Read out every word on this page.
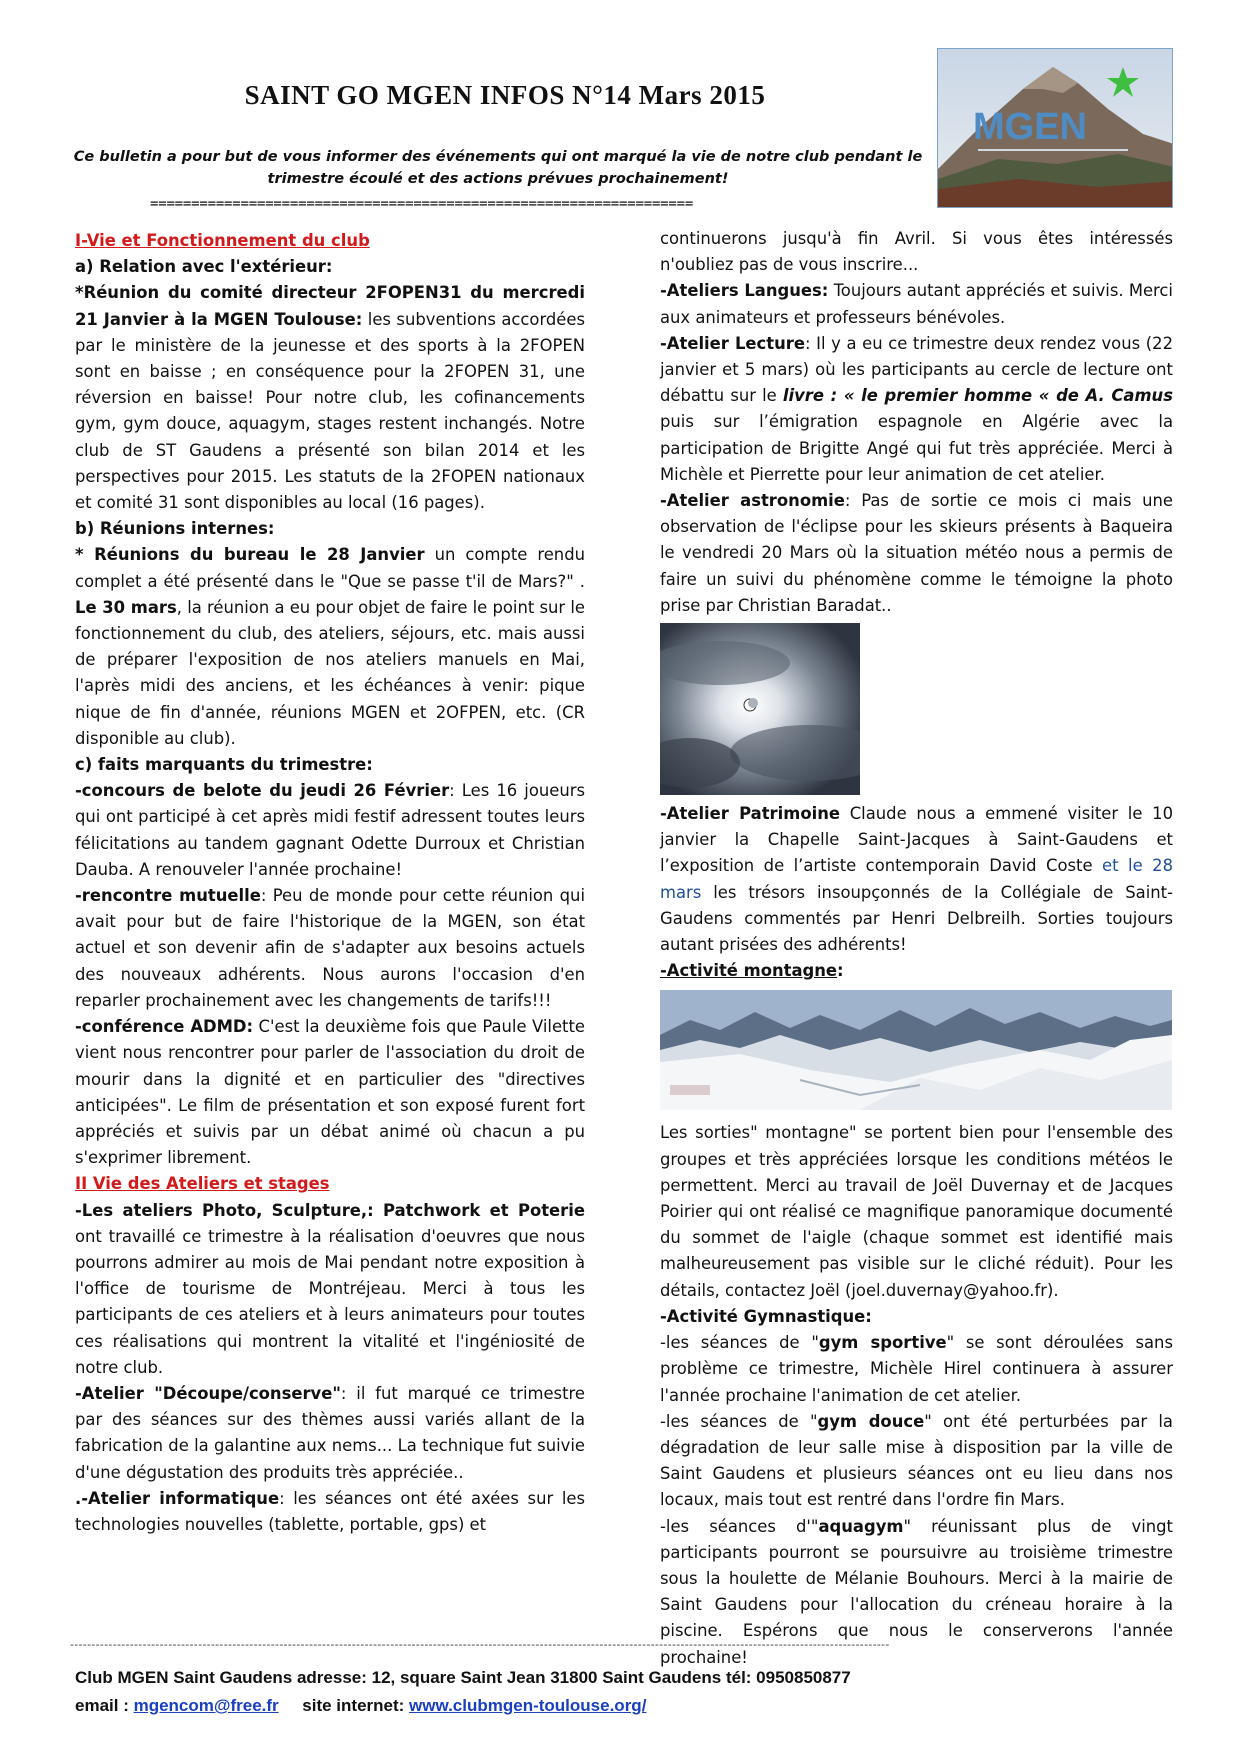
SAINT GO MGEN INFOS N°14 Mars 2015
MGEN
Ce bulletin a pour but de vous informer des événements qui ont marqué la vie de notre club pendant le
trimestre écoulé et des actions prévues prochainement!
==================================================================

I-Vie et Fonctionnement du club

a) Relation avec l'extérieur:

*Réunion du comité directeur 2FOPEN31 du mercredi 21 Janvier à la MGEN Toulouse: les subventions accordées par le ministère de la jeunesse et des sports à la 2FOPEN sont en baisse ; en conséquence pour la 2FOPEN 31, une réversion en baisse! Pour notre club, les cofinancements gym, gym douce, aquagym, stages restent inchangés. Notre club de ST Gaudens a présenté son bilan 2014 et les perspectives pour 2015. Les statuts de la 2FOPEN nationaux et comité 31 sont disponibles au local (16 pages).

b) Réunions internes:

* Réunions du bureau le 28 Janvier un compte rendu complet a été présenté dans le "Que se passe t'il de Mars?" . Le 30 mars, la réunion a eu pour objet de faire le point sur le fonctionnement du club, des ateliers, séjours, etc. mais aussi de préparer l'exposition de nos ateliers manuels en Mai, l'après midi des anciens, et les échéances à venir: pique nique de fin d'année, réunions MGEN et 2OFPEN, etc. (CR disponible au club).

c) faits marquants du trimestre:

-concours de belote du jeudi 26 Février: Les 16 joueurs qui ont participé à cet après midi festif adressent toutes leurs félicitations au tandem gagnant Odette Durroux et Christian Dauba. A renouveler l'année prochaine!

-rencontre mutuelle: Peu de monde pour cette réunion qui avait pour but de faire l'historique de la MGEN, son état actuel et son devenir afin de s'adapter aux besoins actuels des nouveaux adhérents. Nous aurons l'occasion d'en reparler prochainement avec les changements de tarifs!!!

-conférence ADMD: C'est la deuxième fois que Paule Vilette vient nous rencontrer pour parler de l'association du droit de mourir dans la dignité et en particulier des "directives anticipées". Le film de présentation et son exposé furent fort appréciés et suivis par un débat animé où chacun a pu s'exprimer librement.

II Vie des Ateliers et stages

-Les ateliers Photo, Sculpture,: Patchwork et Poterie ont travaillé ce trimestre à la réalisation d'oeuvres que nous pourrons admirer au mois de Mai pendant notre exposition à l'office de tourisme de Montréjeau. Merci à tous les participants de ces ateliers et à leurs animateurs pour toutes ces réalisations qui montrent la vitalité et l'ingéniosité de notre club.

-Atelier "Découpe/conserve": il fut marqué ce trimestre par des séances sur des thèmes aussi variés allant de la fabrication de la galantine aux nems... La technique fut suivie d'une dégustation des produits très appréciée..

.-Atelier informatique: les séances ont été axées sur les technologies nouvelles (tablette, portable, gps) et

continuerons jusqu'à fin Avril. Si vous êtes intéressés n'oubliez pas de vous inscrire...

-Ateliers Langues: Toujours autant appréciés et suivis. Merci aux animateurs et professeurs bénévoles.

-Atelier Lecture: Il y a eu ce trimestre deux rendez vous (22 janvier et 5 mars) où les participants au cercle de lecture ont débattu sur le livre : « le premier homme « de A. Camus puis sur l’émigration espagnole en Algérie avec la participation de Brigitte Angé qui fut très appréciée. Merci à Michèle et Pierrette pour leur animation de cet atelier.

-Atelier astronomie: Pas de sortie ce mois ci mais une observation de l'éclipse pour les skieurs présents à Baqueira le vendredi 20 Mars où la situation météo nous a permis de faire un suivi du phénomène comme le témoigne la photo prise par Christian Baradat..

-Atelier Patrimoine Claude nous a emmené visiter le 10 janvier la Chapelle Saint-Jacques à Saint-Gaudens et l’exposition de l’artiste contemporain David Coste et le 28 mars les trésors insoupçonnés de la Collégiale de Saint-Gaudens commentés par Henri Delbreilh. Sorties toujours autant prisées des adhérents!

-Activité montagne:

Les sorties" montagne" se portent bien pour l'ensemble des groupes et très appréciées lorsque les conditions météos le permettent. Merci au travail de Joël Duvernay et de Jacques Poirier qui ont réalisé ce magnifique panoramique documenté du sommet de l'aigle (chaque sommet est identifié mais malheureusement pas visible sur le cliché réduit). Pour les détails, contactez Joël (joel.duvernay@yahoo.fr).

-Activité Gymnastique:

-les séances de "gym sportive" se sont déroulées sans problème ce trimestre, Michèle Hirel continuera à assurer l'année prochaine l'animation de cet atelier.

-les séances de "gym douce" ont été perturbées par la dégradation de leur salle mise à disposition par la ville de Saint Gaudens et plusieurs séances ont eu lieu dans nos locaux, mais tout est rentré dans l'ordre fin Mars.

-les séances d'"aquagym" réunissant plus de vingt participants pourront se poursuivre au troisième trimestre sous la houlette de Mélanie Bouhours. Merci à la mairie de Saint Gaudens pour l'allocation du créneau horaire à la piscine. Espérons que nous le conserverons l'année prochaine!

------------------------------------------------------------------------------------------------------------------------------------------------------------------------------------------------
Club MGEN Saint Gaudens adresse: 12, square Saint Jean 31800 Saint Gaudens tél: 0950850877
email : mgencom@free.fr     site internet: www.clubmgen-toulouse.org/
